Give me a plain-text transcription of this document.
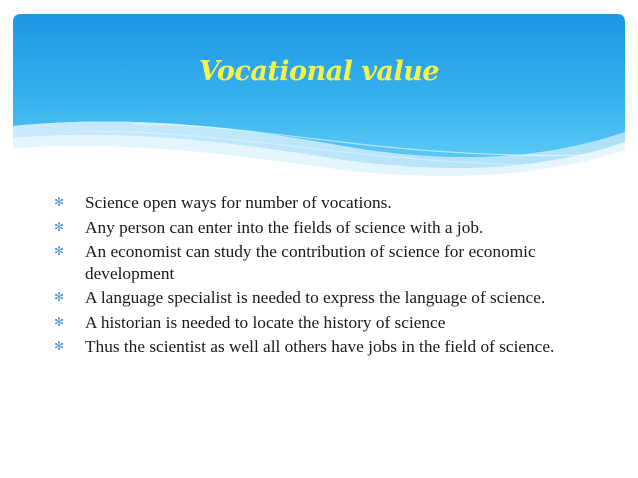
Vocational value
✻ Science open ways for number of vocations.
✻ Any person can enter into the fields of science with a job.
✻ An economist can study the contribution of science for economic development
✻ A language specialist is needed to express the language of science.
✻ A historian is needed to locate the history of science
✻ Thus the scientist as well all others have jobs in the field of science.
